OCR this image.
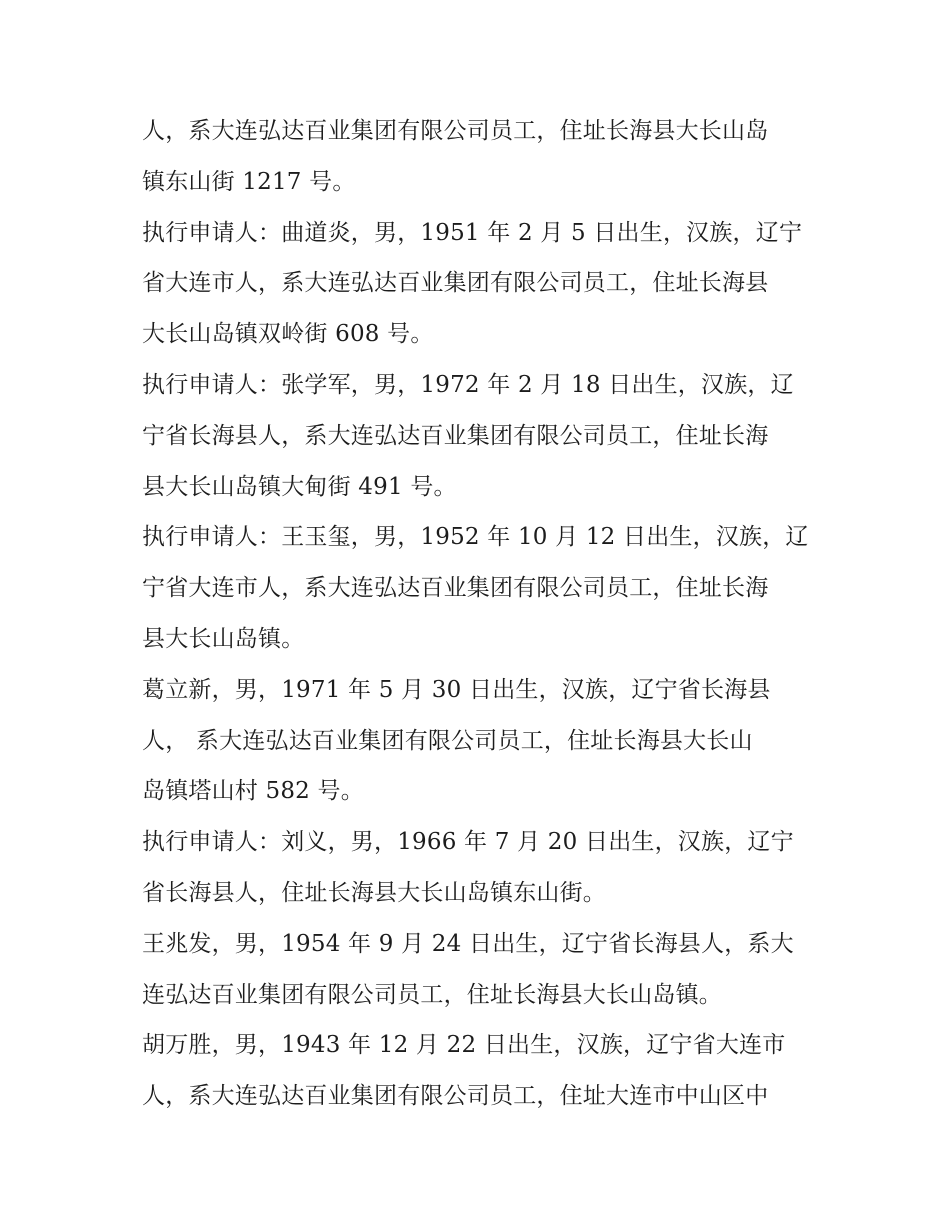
人，系大连弘达百业集团有限公司员工，住址长海县大长山岛
镇东山街 1217 号。
执行申请人：曲道炎，男，1951 年 2 月 5 日出生，汉族，辽宁
省大连市人，系大连弘达百业集团有限公司员工，住址长海县
大长山岛镇双岭街 608 号。
执行申请人：张学军，男，1972 年 2 月 18 日出生，汉族，辽
宁省长海县人，系大连弘达百业集团有限公司员工，住址长海
县大长山岛镇大甸街 491 号。
执行申请人：王玉玺，男，1952 年 10 月 12 日出生，汉族，辽
宁省大连市人，系大连弘达百业集团有限公司员工，住址长海
县大长山岛镇。
葛立新，男，1971 年 5 月 30 日出生，汉族，辽宁省长海县
人， 系大连弘达百业集团有限公司员工，住址长海县大长山
岛镇塔山村 582 号。
执行申请人：刘义，男，1966 年 7 月 20 日出生，汉族，辽宁
省长海县人，住址长海县大长山岛镇东山街。
王兆发，男，1954 年 9 月 24 日出生，辽宁省长海县人，系大
连弘达百业集团有限公司员工，住址长海县大长山岛镇。
胡万胜，男，1943 年 12 月 22 日出生，汉族，辽宁省大连市
人，系大连弘达百业集团有限公司员工，住址大连市中山区中
